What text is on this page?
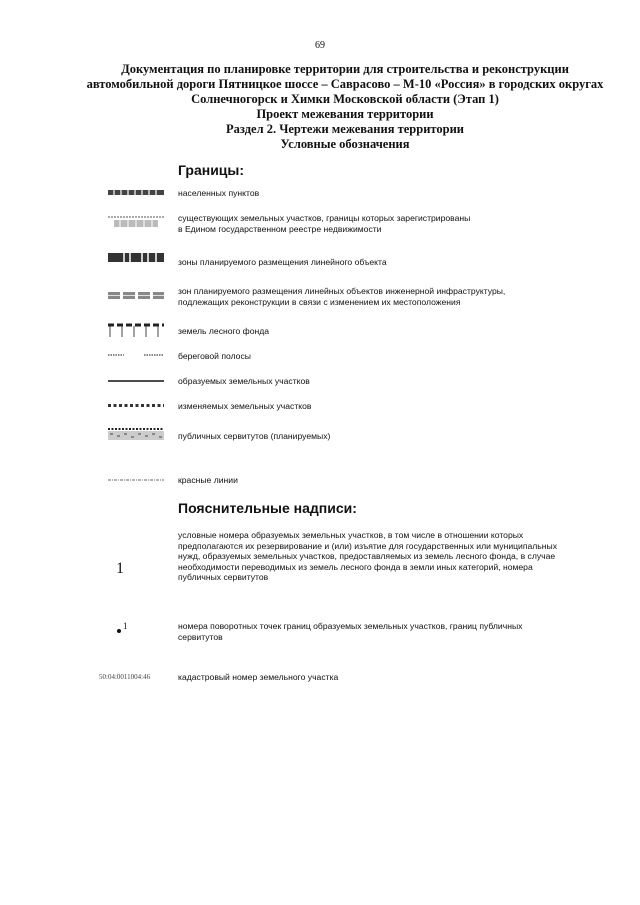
69
Документация по планировке территории для строительства и реконструкции
автомобильной дороги Пятницкое шоссе – Саврасово – М-10 «Россия» в городских округах
Солнечногорск и Химки Московской области (Этап 1)
Проект межевания территории
Раздел 2. Чертежи межевания территории
Условные обозначения
Границы:
населенных пунктов
существующих земельных участков, границы которых зарегистрированы
в Едином государственном реестре недвижимости
зоны планируемого размещения линейного объекта
зон планируемого размещения линейных объектов инженерной инфраструктуры,
подлежащих реконструкции в связи с изменением их местоположения
земель лесного фонда
береговой полосы
образуемых земельных участков
изменяемых земельных участков
публичных сервитутов (планируемых)
красные линии
Пояснительные надписи:
1
условные номера образуемых земельных участков, в том числе в отношении которых предполагаются их резервирование и (или) изъятие для государственных или муниципальных нужд, образуемых земельных участков, предоставляемых из земель лесного фонда, в случае необходимости переводимых из земель лесного фонда в земли иных категорий, номера публичных сервитутов
1	номера поворотных точек границ образуемых земельных участков, границ публичных сервитутов
50:04:0011004:46	кадастровый номер земельного участка
